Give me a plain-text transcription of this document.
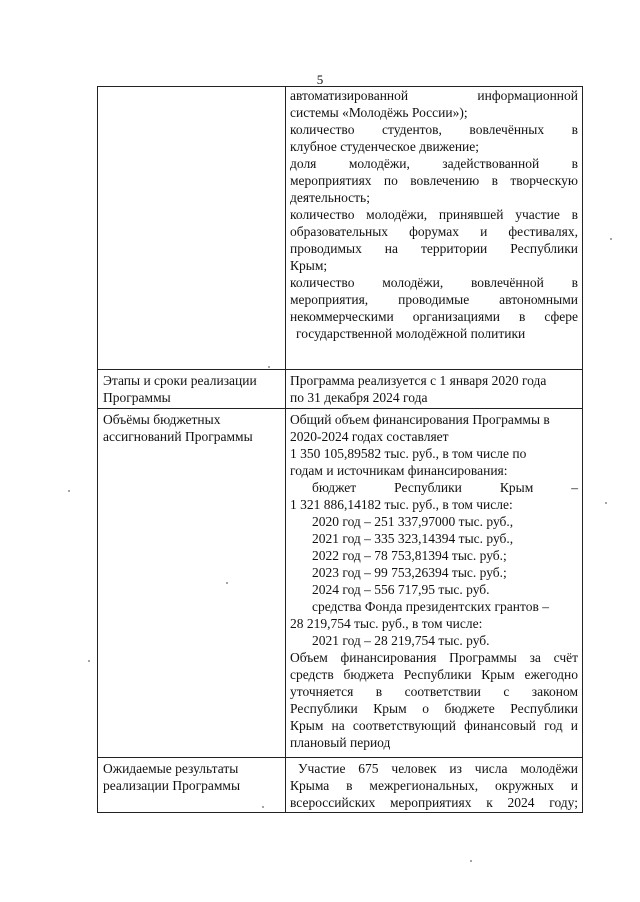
5
автоматизированной информационной
системы «Молодёжь России»);
количество студентов, вовлечённых в
клубное студенческое движение;
доля молодёжи, задействованной в
мероприятиях по вовлечению в творческую
деятельность;
количество молодёжи, принявшей участие в
образовательных форумах и фестивалях,
проводимых на территории Республики
Крым;
количество молодёжи, вовлечённой в
мероприятия, проводимые автономными
некоммерческими организациями в сфере
государственной молодёжной политики
Этапы и сроки реализации Программы
Программа реализуется с 1 января 2020 года
по 31 декабря 2024 года
Объёмы бюджетных ассигнований Программы
Общий объем финансирования Программы в
2020-2024 годах составляет
1 350 105,89582 тыс. руб., в том числе по
годам и источникам финансирования:
бюджет Республики Крым –
1 321 886,14182 тыс. руб., в том числе:
2020 год – 251 337,97000 тыс. руб.,
2021 год – 335 323,14394 тыс. руб.,
2022 год – 78 753,81394 тыс. руб.;
2023 год – 99 753,26394 тыс. руб.;
2024 год – 556 717,95 тыс. руб.
средства Фонда президентских грантов –
28 219,754 тыс. руб., в том числе:
2021 год – 28 219,754 тыс. руб.
Объем финансирования Программы за счёт
средств бюджета Республики Крым ежегодно
уточняется в соответствии с законом
Республики Крым о бюджете Республики
Крым на соответствующий финансовый год и
плановый период
Ожидаемые результаты реализации Программы
Участие 675 человек из числа молодёжи
Крыма в межрегиональных, окружных и
всероссийских мероприятиях к 2024 году;
